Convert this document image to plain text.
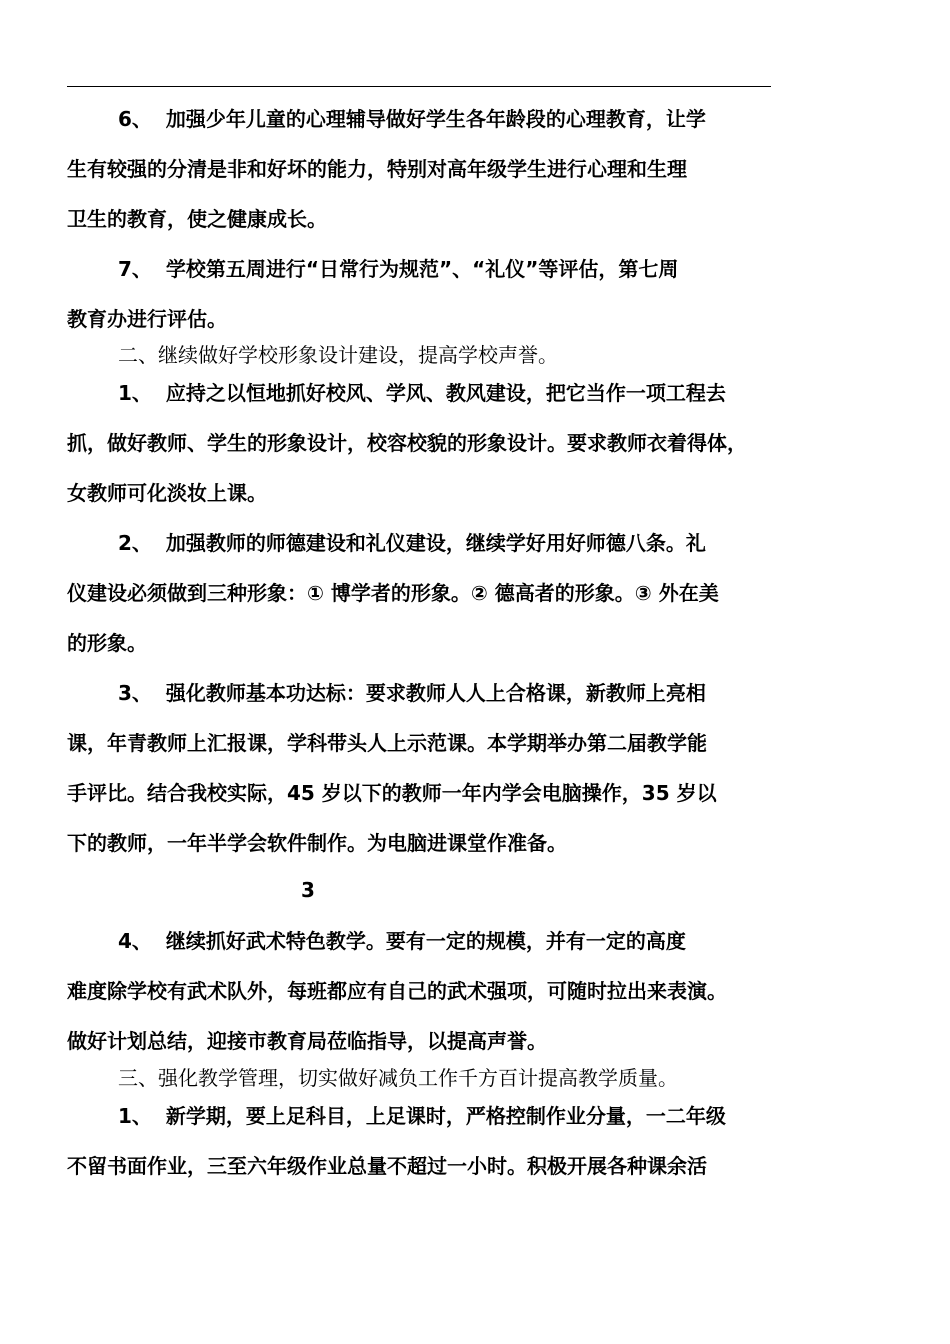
6、  加强少年儿童的心理辅导做好学生各年龄段的心理教育，让学
生有较强的分清是非和好坏的能力，特别对高年级学生进行心理和生理
卫生的教育，使之健康成长。
7、  学校第五周进行“日常行为规范”、“礼仪”等评估，第七周
教育办进行评估。
二、继续做好学校形象设计建设，提高学校声誉。
1、  应持之以恒地抓好校风、学风、教风建设，把它当作一项工程去
抓，做好教师、学生的形象设计，校容校貌的形象设计。要求教师衣着得体，
女教师可化淡妆上课。
2、  加强教师的师德建设和礼仪建设，继续学好用好师德八条。礼
仪建设必须做到三种形象：① 博学者的形象。② 德高者的形象。③ 外在美
的形象。
3、  强化教师基本功达标：要求教师人人上合格课，新教师上亮相
课，年青教师上汇报课，学科带头人上示范课。本学期举办第二届教学能
手评比。结合我校实际，45 岁以下的教师一年内学会电脑操作，35 岁以
下的教师，一年半学会软件制作。为电脑进课堂作准备。
3
4、  继续抓好武术特色教学。要有一定的规模，并有一定的高度
难度除学校有武术队外，每班都应有自己的武术强项，可随时拉出来表演。
做好计划总结，迎接市教育局莅临指导，以提高声誉。
三、强化教学管理，切实做好减负工作千方百计提高教学质量。
1、  新学期，要上足科目，上足课时，严格控制作业分量，一二年级
不留书面作业，三至六年级作业总量不超过一小时。积极开展各种课余活
